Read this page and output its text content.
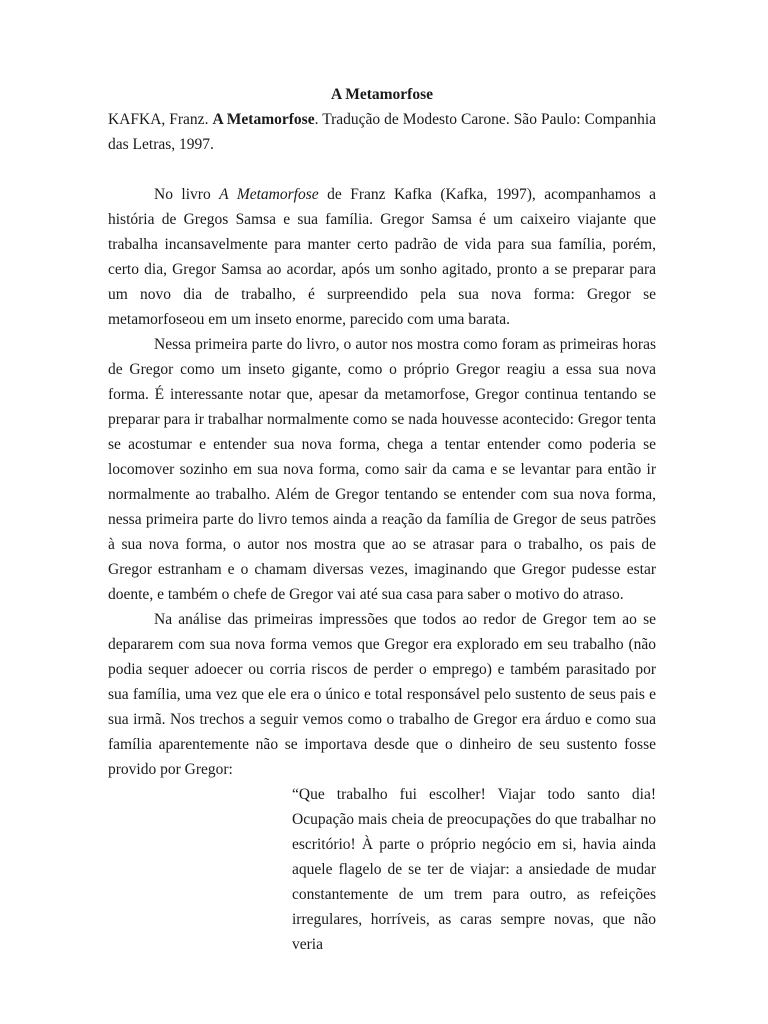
A Metamorfose

KAFKA, Franz. A Metamorfose. Tradução de Modesto Carone. São Paulo: Companhia das Letras, 1997.

No livro A Metamorfose de Franz Kafka (Kafka, 1997), acompanhamos a história de Gregos Samsa e sua família. Gregor Samsa é um caixeiro viajante que trabalha incansavelmente para manter certo padrão de vida para sua família, porém, certo dia, Gregor Samsa ao acordar, após um sonho agitado, pronto a se preparar para um novo dia de trabalho, é surpreendido pela sua nova forma: Gregor se metamorfoseou em um inseto enorme, parecido com uma barata.

Nessa primeira parte do livro, o autor nos mostra como foram as primeiras horas de Gregor como um inseto gigante, como o próprio Gregor reagiu a essa sua nova forma. É interessante notar que, apesar da metamorfose, Gregor continua tentando se preparar para ir trabalhar normalmente como se nada houvesse acontecido: Gregor tenta se acostumar e entender sua nova forma, chega a tentar entender como poderia se locomover sozinho em sua nova forma, como sair da cama e se levantar para então ir normalmente ao trabalho. Além de Gregor tentando se entender com sua nova forma, nessa primeira parte do livro temos ainda a reação da família de Gregor de seus patrões à sua nova forma, o autor nos mostra que ao se atrasar para o trabalho, os pais de Gregor estranham e o chamam diversas vezes, imaginando que Gregor pudesse estar doente, e também o chefe de Gregor vai até sua casa para saber o motivo do atraso.

Na análise das primeiras impressões que todos ao redor de Gregor tem ao se depararem com sua nova forma vemos que Gregor era explorado em seu trabalho (não podia sequer adoecer ou corria riscos de perder o emprego) e também parasitado por sua família, uma vez que ele era o único e total responsável pelo sustento de seus pais e sua irmã. Nos trechos a seguir vemos como o trabalho de Gregor era árduo e como sua família aparentemente não se importava desde que o dinheiro de seu sustento fosse provido por Gregor:

“Que trabalho fui escolher! Viajar todo santo dia! Ocupação mais cheia de preocupações do que trabalhar no escritório! À parte o próprio negócio em si, havia ainda aquele flagelo de se ter de viajar: a ansiedade de mudar constantemente de um trem para outro, as refeições irregulares, horríveis, as caras sempre novas, que não veria
